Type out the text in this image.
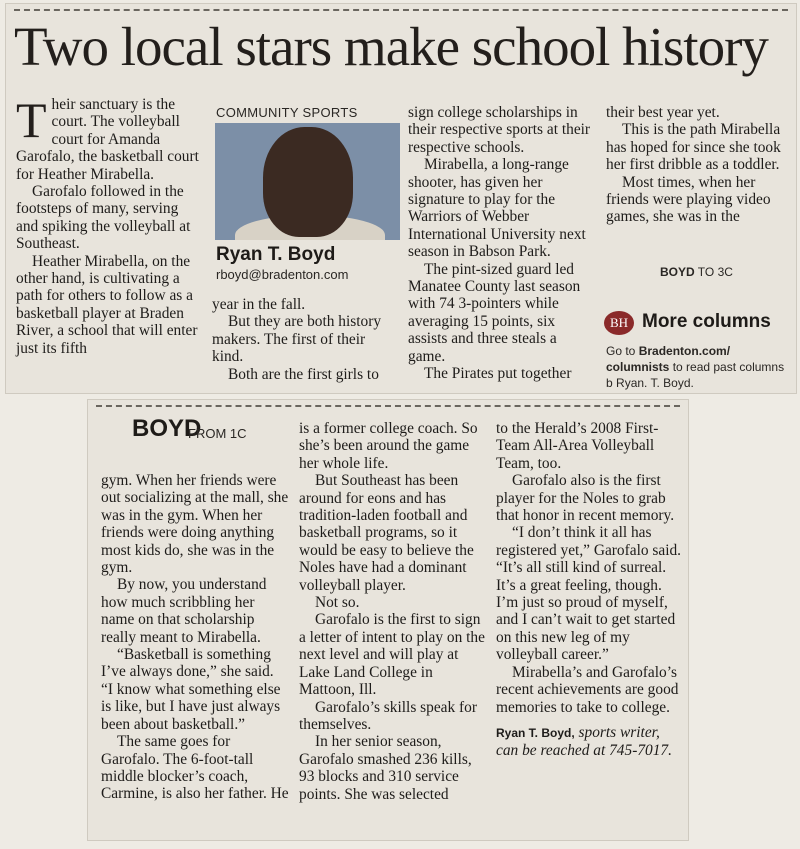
Two local stars make school history

Their sanctuary is the court. The volleyball court for Amanda Garofalo, the basketball court for Heather Mirabella.

Garofalo followed in the footsteps of many, serving and spiking the volleyball at Southeast.

Heather Mirabella, on the other hand, is cultivating a path for others to follow as a basketball player at Braden River, a school that will enter just its fifth

COMMUNITY SPORTS
Ryan T. Boyd
rboyd@bradenton.com

year in the fall.

But they are both history makers. The first of their kind.

Both are the first girls to

sign college scholarships in their respective sports at their respective schools.

Mirabella, a long-range shooter, has given her signature to play for the Warriors of Webber International University next season in Babson Park.

The pint-sized guard led Manatee County last season with 74 3-pointers while averaging 15 points, six assists and three steals a game.

The Pirates put together

their best year yet.

This is the path Mirabella has hoped for since she took her first dribble as a toddler.

Most times, when her friends were playing video games, she was in the

BOYD TO 3C
BH More columns
Go to Bradenton.com/ columnists to read past columns b Ryan. T. Boyd.
BOYD
FROM 1C

gym. When her friends were out socializing at the mall, she was in the gym. When her friends were doing anything most kids do, she was in the gym.

By now, you understand how much scribbling her name on that scholarship really meant to Mirabella.

“Basketball is something I’ve always done,” she said. “I know what something else is like, but I have just always been about basketball.”

The same goes for Garofalo. The 6-foot-tall middle blocker’s coach, Carmine, is also her father. He

is a former college coach. So she’s been around the game her whole life.

But Southeast has been around for eons and has tradition-laden football and basketball programs, so it would be easy to believe the Noles have had a dominant volleyball player.

Not so.

Garofalo is the first to sign a letter of intent to play on the next level and will play at Lake Land College in Mattoon, Ill.

Garofalo’s skills speak for themselves.

In her senior season, Garofalo smashed 236 kills, 93 blocks and 310 service points. She was selected

to the Herald’s 2008 First-Team All-Area Volleyball Team, too.

Garofalo also is the first player for the Noles to grab that honor in recent memory.

“I don’t think it all has registered yet,” Garofalo said. “It’s all still kind of surreal. It’s a great feeling, though. I’m just so proud of myself, and I can’t wait to get started on this new leg of my volleyball career.”

Mirabella’s and Garofalo’s recent achievements are good memories to take to college.

Ryan T. Boyd, sports writer, can be reached at 745-7017.
